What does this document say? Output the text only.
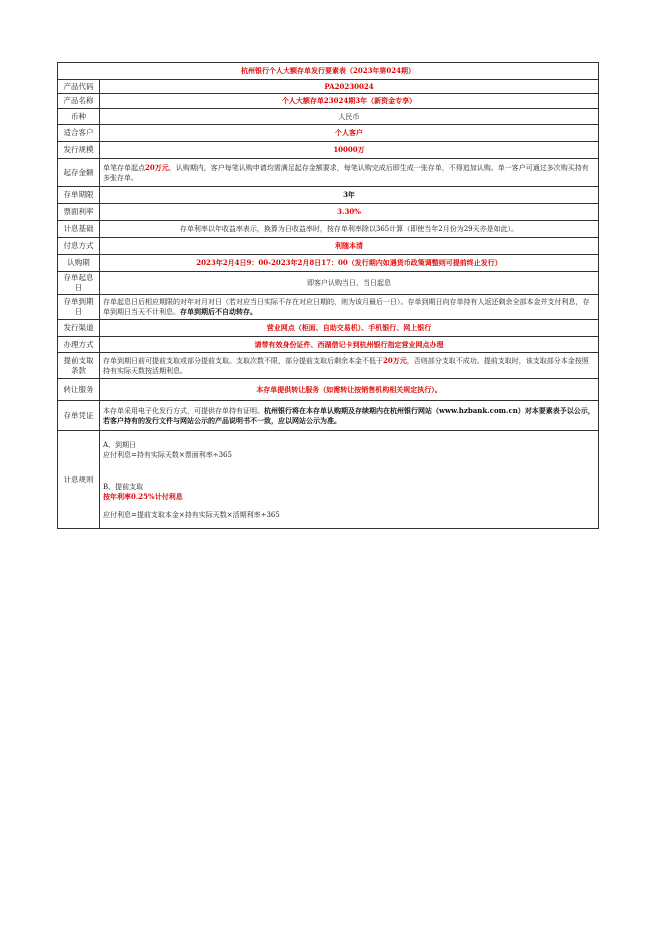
杭州银行个人大额存单发行要素表（2023年第024期）	
产品代码	PA20230024
产品名称	个人大额存单23024期3年（新资金专享）
币种	人民币
适合客户	个人客户
发行规模	10000万
起存金额	单笔存单起点20万元，认购期内，客户每笔认购申请均需满足起存金额要求，每笔认购完成后即生成一张存单，不得追加认购。单一客户可通过多次购买持有多张存单。
存单期限	3年
票面利率	3.30%
计息基础	存单利率以年收益率表示，换算为日收益率时，按存单利率除以365计算（即使当年2月份为29天亦是如此）。
付息方式	利随本清
认购期	2023年2月4日9：00-2023年2月8日17：00（发行期内如遇货币政策调整则可提前终止发行）
存单起息日	即客户认购当日，当日起息
存单到期日	存单起息日后相应期限的对年对月对日（若对应当日实际不存在对应日期的，则为该月最后一日）。存单到期日向存单持有人返还剩余全部本金并支付利息，存单到期日当天不计利息。存单到期后不自动转存。
发行渠道	营业网点（柜面、自助交易机）、手机银行、网上银行
办理方式	请带有效身份证件、西湖借记卡到杭州银行指定营业网点办理
提前支取条款	存单到期日前可提前支取或部分提前支取。支取次数不限，部分提前支取后剩余本金不低于20万元，否则部分支取不成功。提前支取时，该支取部分本金按照持有实际天数按活期利息。
转让服务	本存单提供转让服务（如需转让按销售机构相关规定执行）。
存单凭证	本存单采用电子化发行方式，可提供存单持有证明。杭州银行将在本存单认购期及存续期内在杭州银行网站（www.hzbank.com.cn）对本要素表予以公示，若客户持有的发行文件与网站公示的产品说明书不一致，应以网站公示为准。
计息规则	A、到期日

应付利息=持有实际天数×票面利率÷365

B、提前支取

按年利率0.25%计付利息

应付利息=提前支取本金×持有实际天数×活期利率÷365
